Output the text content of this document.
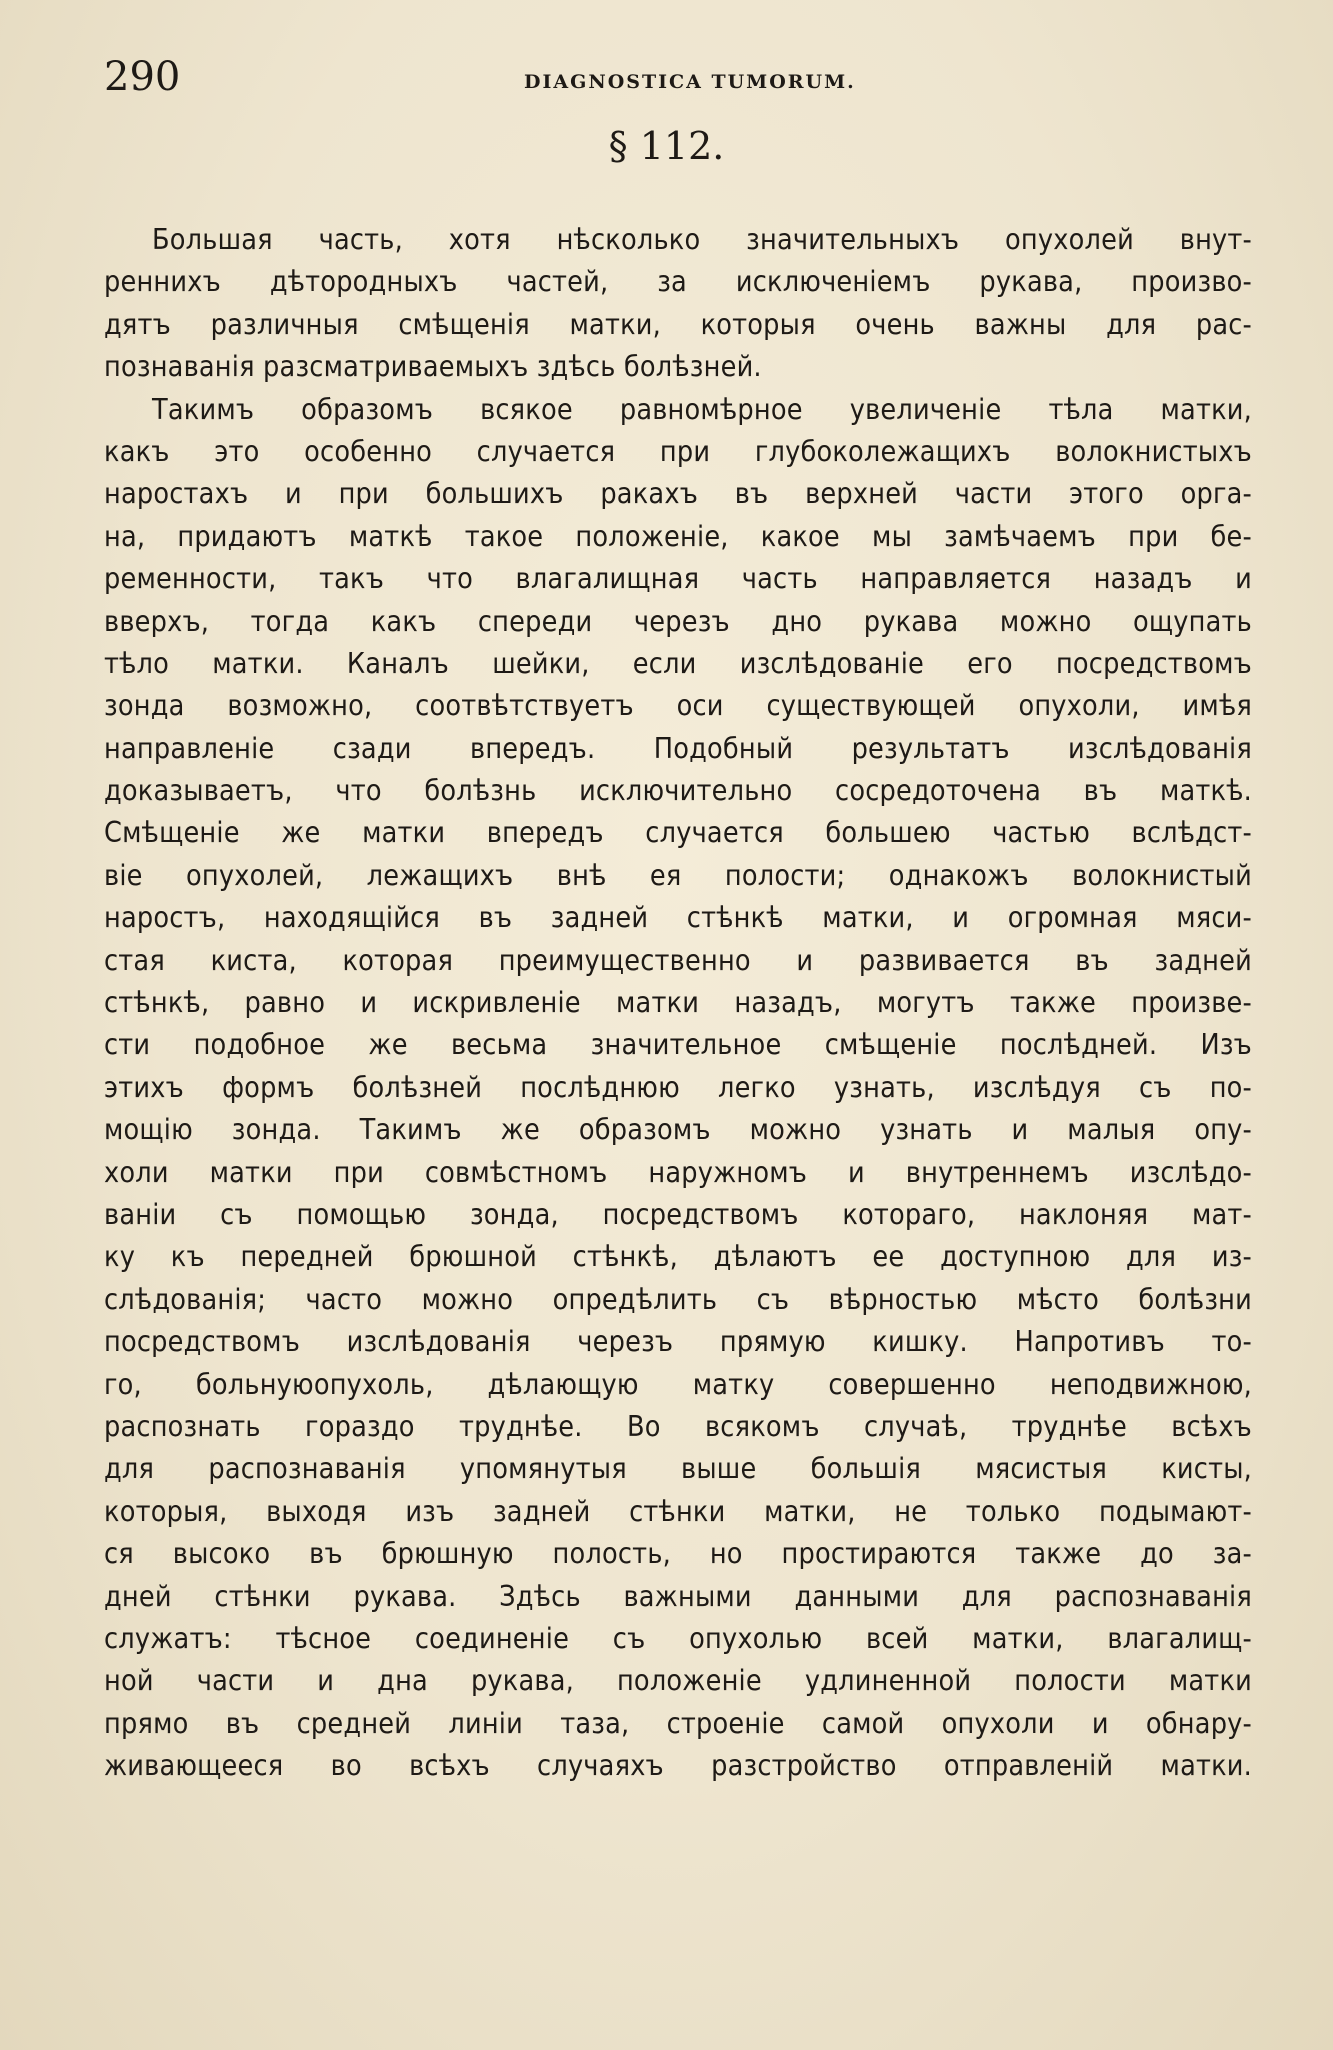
290	DIAGNOSTICA TUMORUM.
§ 112.
Большая часть, хотя нѣсколько значительныхъ опухолей внут-
реннихъ дѣтородныхъ частей, за исключенiемъ рукава, произво-
дятъ различныя смѣщенiя матки, которыя очень важны для рас-
познаванiя разсматриваемыхъ здѣсь болѣзней.
Такимъ образомъ всякое равномѣрное увеличенiе тѣла матки,
какъ это особенно случается при глубоколежащихъ волокнистыхъ
наростахъ и при большихъ ракахъ въ верхней части этого орга-
на, придаютъ маткѣ такое положенiе, какое мы замѣчаемъ при бе-
ременности, такъ что влагалищная часть направляется назадъ и
вверхъ, тогда какъ спереди черезъ дно рукава можно ощупать
тѣло матки. Каналъ шейки, если изслѣдованiе его посредствомъ
зонда возможно, соотвѣтствуетъ оси существующей опухоли, имѣя
направленiе сзади впередъ. Подобный результатъ изслѣдованiя
доказываетъ, что болѣзнь исключительно сосредоточена въ маткѣ.
Смѣщенiе же матки впередъ случается большею частью вслѣдст-
вiе опухолей, лежащихъ внѣ ея полости; однакожъ волокнистый
наростъ, находящiйся въ задней стѣнкѣ матки, и огромная мяси-
стая киста, которая преимущественно и развивается въ задней
стѣнкѣ, равно и искривленiе матки назадъ, могутъ также произве-
сти подобное же весьма значительное смѣщенiе послѣдней. Изъ
этихъ формъ болѣзней послѣднюю легко узнать, изслѣдуя съ по-
мощiю зонда. Такимъ же образомъ можно узнать и малыя опу-
холи матки при совмѣстномъ наружномъ и внутреннемъ изслѣдо-
ванiи съ помощью зонда, посредствомъ котораго, наклоняя мат-
ку къ передней брюшной стѣнкѣ, дѣлаютъ ее доступною для из-
слѣдованiя; часто можно опредѣлить съ вѣрностью мѣсто болѣзни
посредствомъ изслѣдованiя черезъ прямую кишку. Напротивъ то-
го, больнуюопухоль, дѣлающую матку совершенно неподвижною,
распознать гораздо труднѣе. Во всякомъ случаѣ, труднѣе всѣхъ
для распознаванiя упомянутыя выше большiя мясистыя кисты,
которыя, выходя изъ задней стѣнки матки, не только подымают-
ся высоко въ брюшную полость, но простираются также до за-
дней стѣнки рукава. Здѣсь важными данными для распознаванiя
служатъ: тѣсное соединенiе съ опухолью всей матки, влагалищ-
ной части и дна рукава, положенiе удлиненной полости матки
прямо въ средней линiи таза, строенiе самой опухоли и обнару-
живающееся во всѣхъ случаяхъ разстройство отправленiй матки.
